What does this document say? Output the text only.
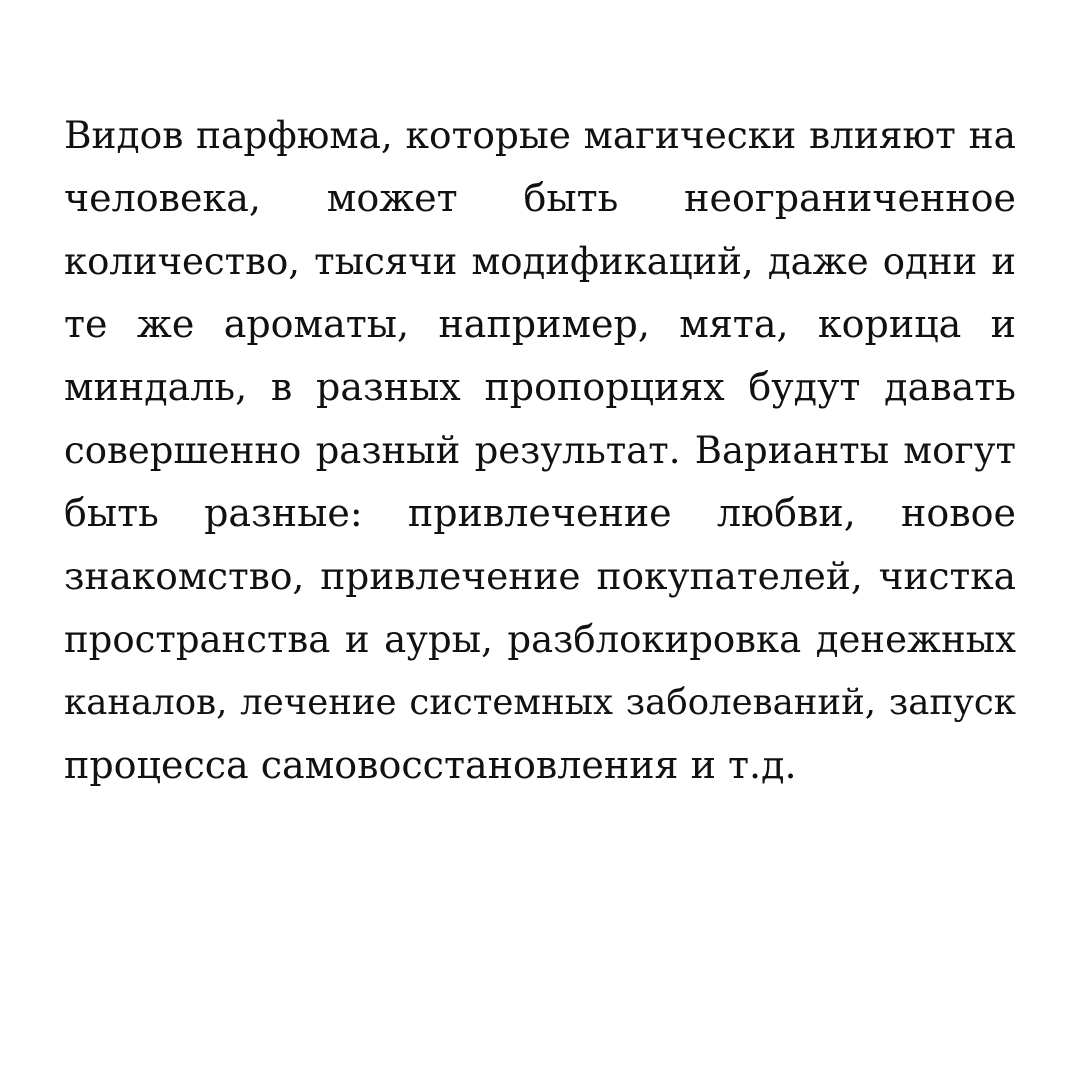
Видов парфюма, которые магически влияют на
человека, может быть неограниченное
количество, тысячи модификаций, даже одни и
те же ароматы, например, мята, корица и
миндаль, в разных пропорциях будут давать
совершенно разный результат. Варианты могут
быть разные: привлечение любви, новое
знакомство, привлечение покупателей, чистка
пространства и ауры, разблокировка денежных
каналов, лечение системных заболеваний, запуск
процесса самовосстановления и т.д.
